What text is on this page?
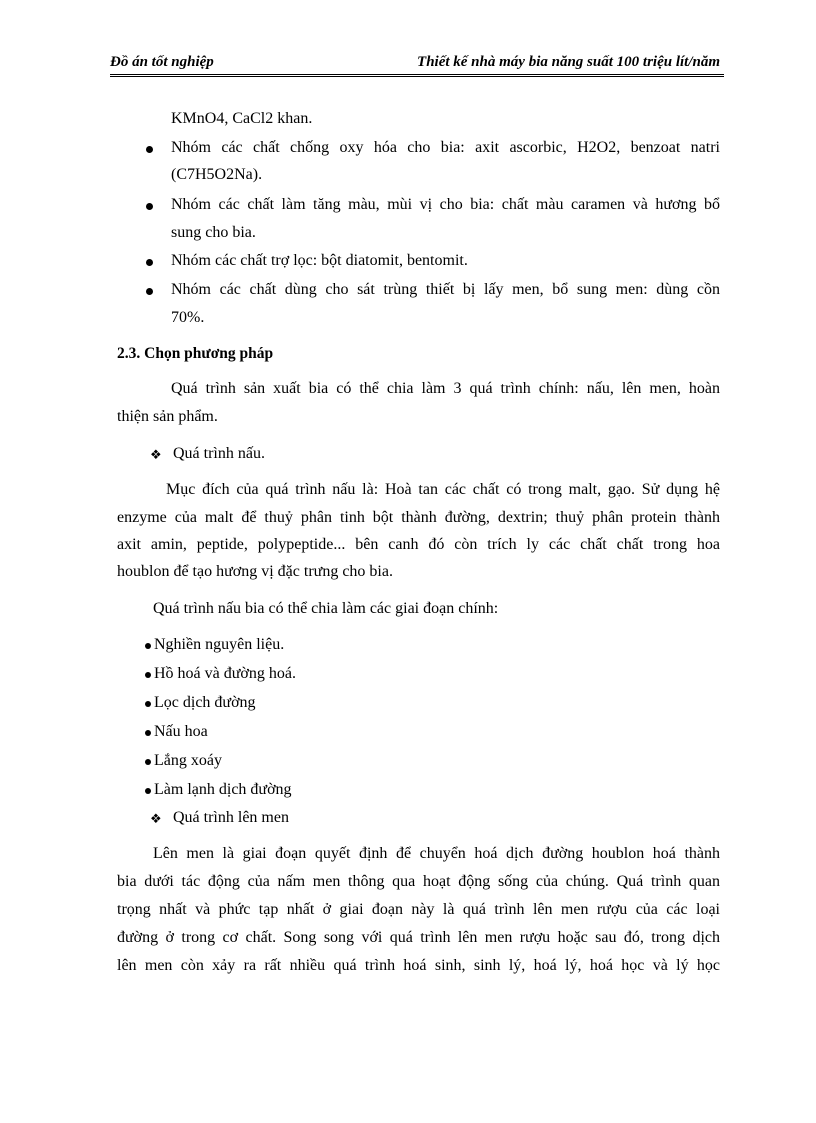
Đồ án tốt nghiệp	Thiết kế nhà máy bia năng suất 100 triệu lít/năm
KMnO4, CaCl2 khan.
Nhóm các chất chống oxy hóa cho bia: axit ascorbic, H2O2, benzoat natri
(C7H5O2Na).
Nhóm các chất làm tăng màu, mùi vị cho bia: chất màu caramen và hương bổ
sung cho bia.
Nhóm các chất trợ lọc: bột diatomit, bentomit.
Nhóm các chất dùng cho sát trùng thiết bị lấy men, bổ sung men: dùng cồn
70%.
2.3. Chọn phương pháp
Quá trình sản xuất bia có thể chia làm 3 quá trình chính: nấu, lên men, hoàn
thiện sản phẩm.
❖ Quá trình nấu.
Mục đích của quá trình nấu là: Hoà tan các chất có trong malt, gạo. Sử dụng hệ
enzyme của malt để thuỷ phân tinh bột thành đường, dextrin; thuỷ phân protein thành
axit amin, peptide, polypeptide... bên canh đó còn trích ly các chất chất trong hoa
houblon để tạo hương vị đặc trưng cho bia.
Quá trình nấu bia có thể chia làm các giai đoạn chính:
Nghiền nguyên liệu.
Hồ hoá và đường hoá.
Lọc dịch đường
Nấu hoa
Lắng xoáy
Làm lạnh dịch đường
❖ Quá trình lên men
Lên men là giai đoạn quyết định để chuyển hoá dịch đường houblon hoá thành
bia dưới tác động của nấm men thông qua hoạt động sống của chúng. Quá trình quan
trọng nhất và phức tạp nhất ở giai đoạn này là quá trình lên men rượu của các loại
đường ở trong cơ chất. Song song với quá trình lên men rượu hoặc sau đó, trong dịch
lên men còn xảy ra rất nhiều quá trình hoá sinh, sinh lý, hoá lý, hoá học và lý học
